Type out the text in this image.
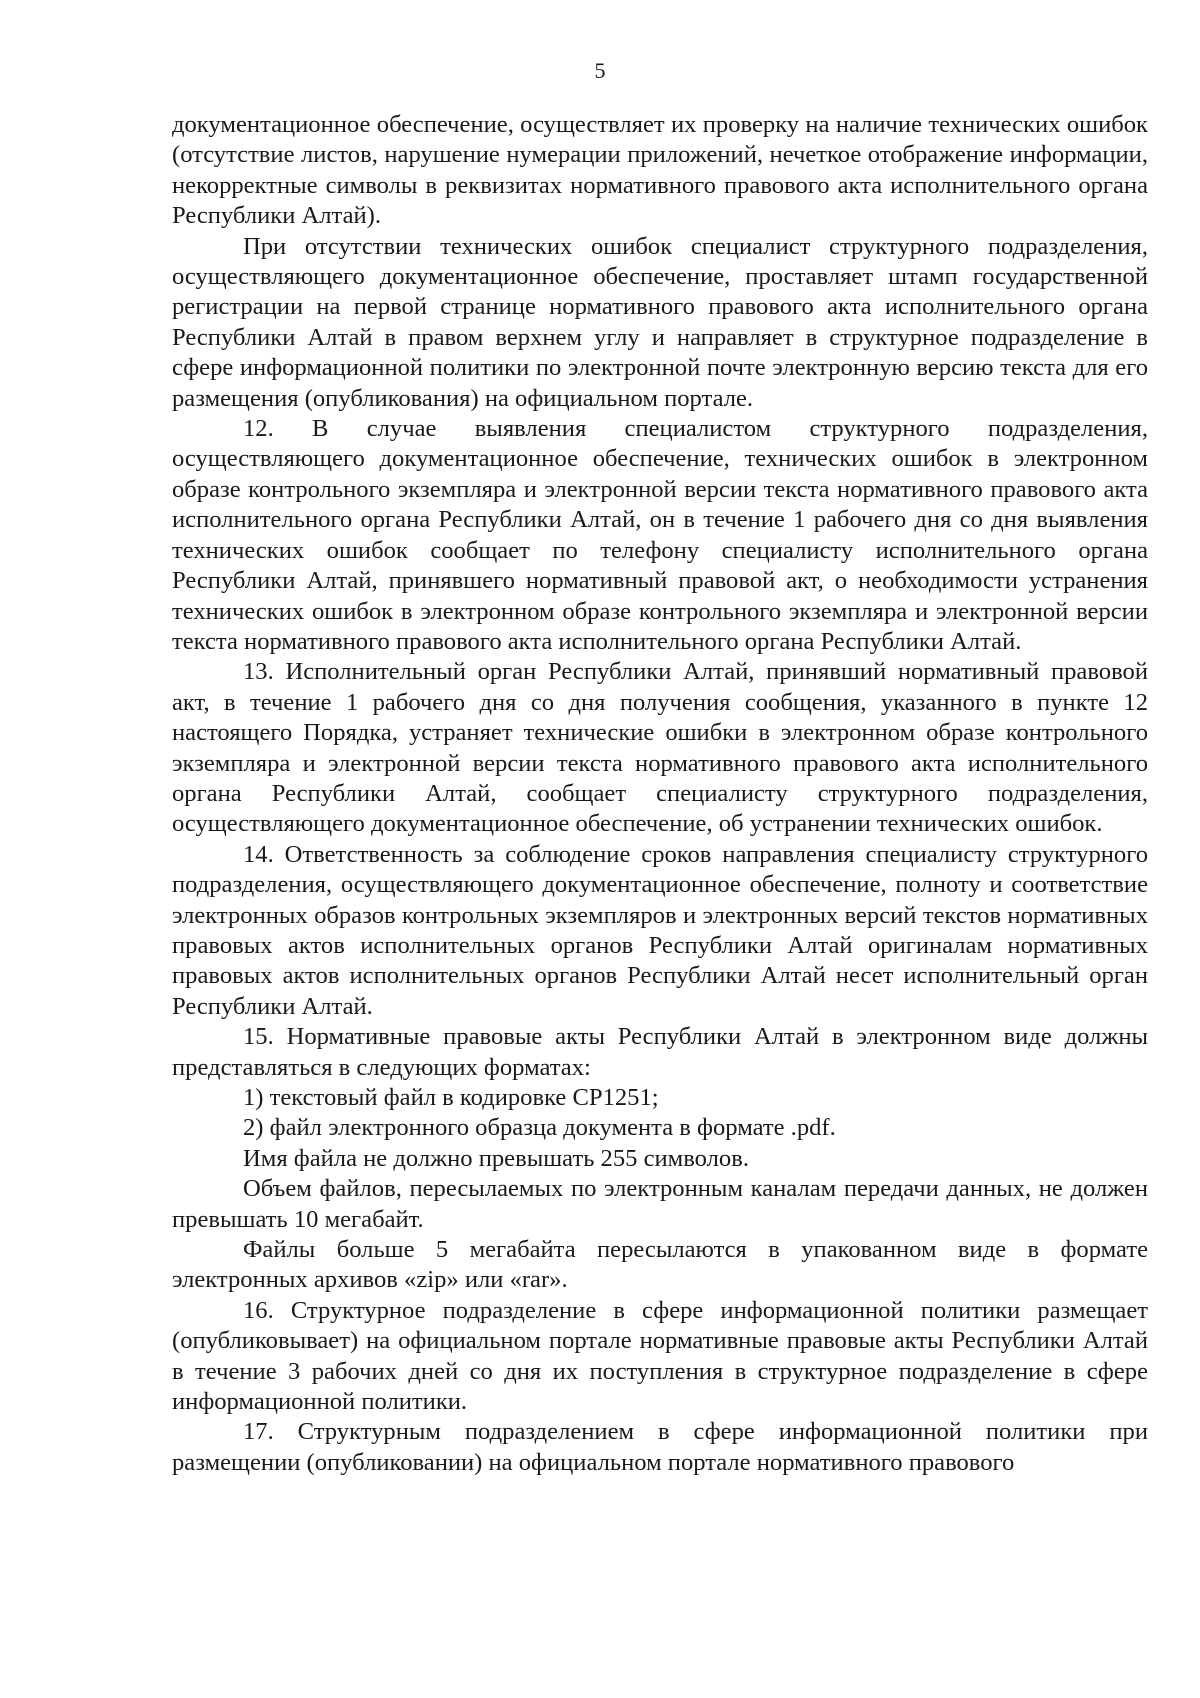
5

документационное обеспечение, осуществляет их проверку на наличие технических ошибок (отсутствие листов, нарушение нумерации приложений, нечеткое отображение информации, некорректные символы в реквизитах нормативного правового акта исполнительного органа Республики Алтай).

При отсутствии технических ошибок специалист структурного подразделения, осуществляющего документационное обеспечение, проставляет штамп государственной регистрации на первой странице нормативного правового акта исполнительного органа Республики Алтай в правом верхнем углу и направляет в структурное подразделение в сфере информационной политики по электронной почте электронную версию текста для его размещения (опубликования) на официальном портале.

12. В случае выявления специалистом структурного подразделения, осуществляющего документационное обеспечение, технических ошибок в электронном образе контрольного экземпляра и электронной версии текста нормативного правового акта исполнительного органа Республики Алтай, он в течение 1 рабочего дня со дня выявления технических ошибок сообщает по телефону специалисту исполнительного органа Республики Алтай, принявшего нормативный правовой акт, о необходимости устранения технических ошибок в электронном образе контрольного экземпляра и электронной версии текста нормативного правового акта исполнительного органа Республики Алтай.

13. Исполнительный орган Республики Алтай, принявший нормативный правовой акт, в течение 1 рабочего дня со дня получения сообщения, указанного в пункте 12 настоящего Порядка, устраняет технические ошибки в электронном образе контрольного экземпляра и электронной версии текста нормативного правового акта исполнительного органа Республики Алтай, сообщает специалисту структурного подразделения, осуществляющего документационное обеспечение, об устранении технических ошибок.

14. Ответственность за соблюдение сроков направления специалисту структурного подразделения, осуществляющего документационное обеспечение, полноту и соответствие электронных образов контрольных экземпляров и электронных версий текстов нормативных правовых актов исполнительных органов Республики Алтай оригиналам нормативных правовых актов исполнительных органов Республики Алтай несет исполнительный орган Республики Алтай.

15. Нормативные правовые акты Республики Алтай в электронном виде должны представляться в следующих форматах:

1) текстовый файл в кодировке CP1251;

2) файл электронного образца документа в формате .pdf.

Имя файла не должно превышать 255 символов.

Объем файлов, пересылаемых по электронным каналам передачи данных, не должен превышать 10 мегабайт.

Файлы больше 5 мегабайта пересылаются в упакованном виде в формате электронных архивов «zip» или «rar».

16. Структурное подразделение в сфере информационной политики размещает (опубликовывает) на официальном портале нормативные правовые акты Республики Алтай в течение 3 рабочих дней со дня их поступления в структурное подразделение в сфере информационной политики.

17. Структурным подразделением в сфере информационной политики при размещении (опубликовании) на официальном портале нормативного правового
